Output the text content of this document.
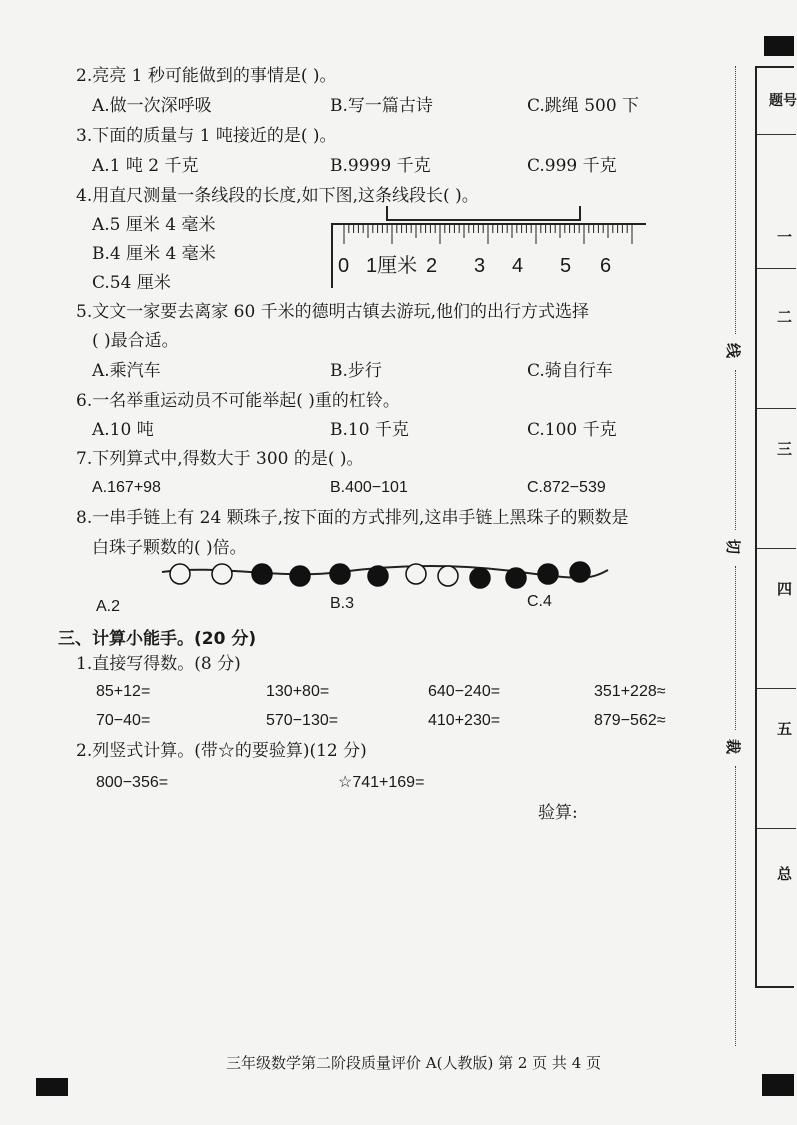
2.亮亮 1 秒可能做到的事情是( )。
A.做一次深呼吸	B.写一篇古诗	C.跳绳 500 下
3.下面的质量与 1 吨接近的是( )。
A.1 吨 2 千克	B.9999 千克	C.999 千克
4.用直尺测量一条线段的长度,如下图,这条线段长( )。
A.5 厘米 4 毫米
B.4 厘米 4 毫米
C.54 厘米
0 1厘米 2 3 4 5 6
5.文文一家要去离家 60 千米的德明古镇去游玩,他们的出行方式选择
( )最合适。
A.乘汽车	B.步行	C.骑自行车
6.一名举重运动员不可能举起( )重的杠铃。
A.10 吨	B.10 千克	C.100 千克
7.下列算式中,得数大于 300 的是( )。
A.167+98	B.400−101	C.872−539
8.一串手链上有 24 颗珠子,按下面的方式排列,这串手链上黑珠子的颗数是
白珠子颗数的( )倍。
A.2	B.3	C.4
三、计算小能手。(20 分)
1.直接写得数。(8 分)
85+12=	130+80=	640−240=	351+228≈
70−40=	570−130=	410+230=	879−562≈
2.列竖式计算。(带☆的要验算)(12 分)
800−356=	☆741+169=
验算:
线
切
裁
题号
一
二
三
四
五
总
三年级数学第二阶段质量评价 A(人教版) 第 2 页 共 4 页
